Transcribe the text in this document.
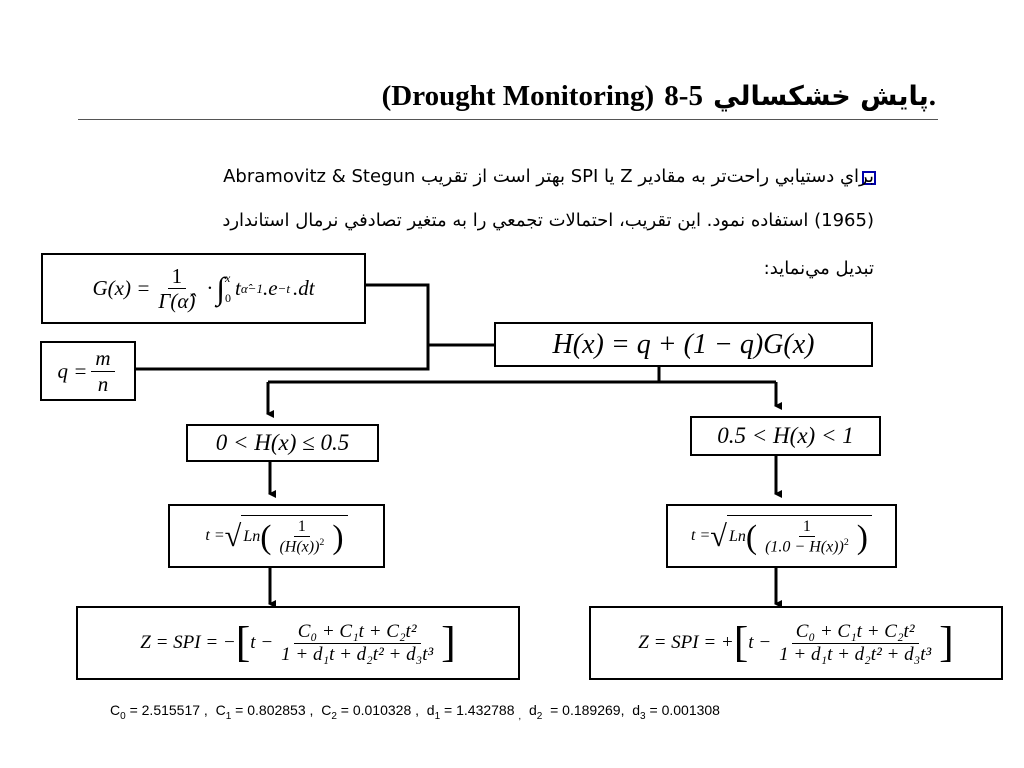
(Drought Monitoring) پايش خشكسالي 5-8.
براي دستيابي راحت‌تر به مقادير Z يا SPI بهتر است از تقريب Abramovitz & Stegun
(1965) استفاده نمود. اين تقريب، احتمالات تجمعي را به متغير تصادفي نرمال استاندارد
تبديل مي‌نمايد:
$G(x) = \frac{1}{\Gamma(\alphâ)}$ · ∫ x
0 t α̂−1 .e −t .dt
$q = \frac{m}{n}$
H(x) = q + (1 − q)G(x)
0 < H(x) ≤ 0.5	0.5 < H(x) < 1
t = √ Ln ( $\frac{1}{(H(x))^2}$ )	t = √ Ln ( $\frac{1}{(1.0 - H(x))^2}$ )
Z = SPI = − [ $t - \frac{\text{C₀ + C₁t + C₂t²}}{\text{1 + d₁t + d₂t² + d₃t³}}$ ]	Z = SPI = + [ $t - \frac{\text{C₀ + C₁t + C₂t²}}{\text{1 + d₁t + d₂t² + d₃t³}}$ ]
$C_0 = 2.515517$ ,  $C_1 = 0.802853$ ,  $C_2 = 0.010328$ ,  $d_1 = 1.432788$ $_,$  $d_2 = 0.189269$,  $d_3 = 0.001308$
